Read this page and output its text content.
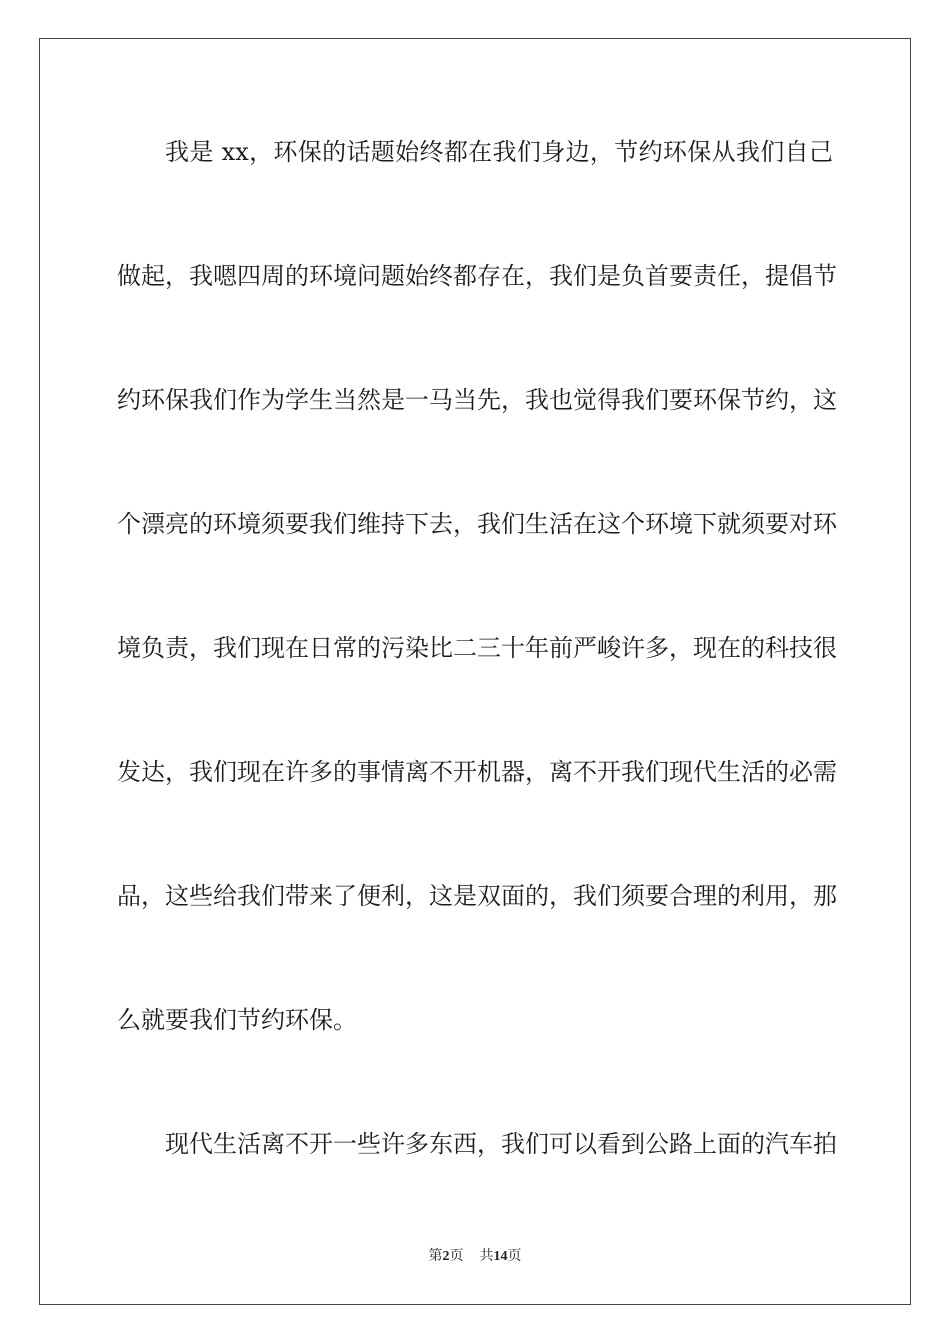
我是 xx，环保的话题始终都在我们身边，节约环保从我们自己
做起，我嗯四周的环境问题始终都存在，我们是负首要责任，提倡节
约环保我们作为学生当然是一马当先，我也觉得我们要环保节约，这
个漂亮的环境须要我们维持下去，我们生活在这个环境下就须要对环
境负责，我们现在日常的污染比二三十年前严峻许多，现在的科技很
发达，我们现在许多的事情离不开机器，离不开我们现代生活的必需
品，这些给我们带来了便利，这是双面的，我们须要合理的利用，那
么就要我们节约环保。
现代生活离不开一些许多东西，我们可以看到公路上面的汽车拍
第2页 共14页
